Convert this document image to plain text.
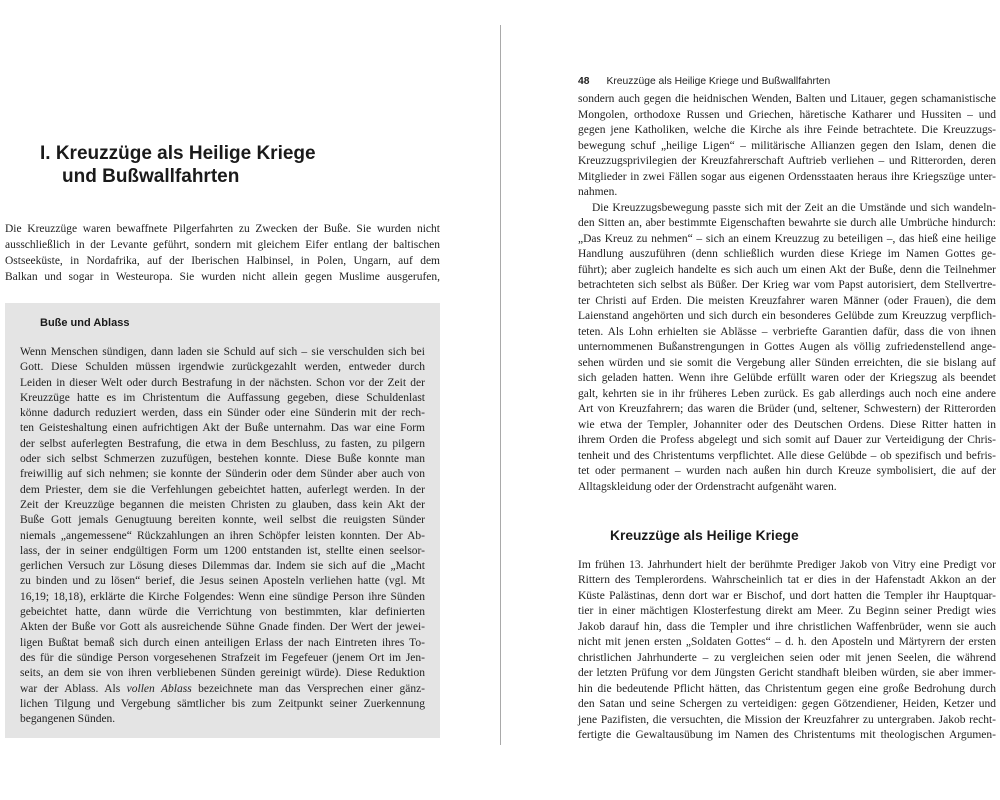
I. Kreuzzüge als Heilige Kriege
und Bußwallfahrten
Die Kreuzzüge waren bewaffnete Pilgerfahrten zu Zwecken der Buße. Sie wurden nicht
ausschließlich in der Levante geführt, sondern mit gleichem Eifer entlang der baltischen
Ostseeküste, in Nordafrika, auf der Iberischen Halbinsel, in Polen, Ungarn, auf dem
Balkan und sogar in Westeuropa. Sie wurden nicht allein gegen Muslime ausgerufen,
Buße und Ablass
Wenn Menschen sündigen, dann laden sie Schuld auf sich – sie verschulden sich bei
Gott. Diese Schulden müssen irgendwie zurückgezahlt werden, entweder durch
Leiden in dieser Welt oder durch Bestrafung in der nächsten. Schon vor der Zeit der
Kreuzzüge hatte es im Christentum die Auffassung gegeben, diese Schuldenlast
könne dadurch reduziert werden, dass ein Sünder oder eine Sünderin mit der rech-
ten Geisteshaltung einen aufrichtigen Akt der Buße unternahm. Das war eine Form
der selbst auferlegten Bestrafung, die etwa in dem Beschluss, zu fasten, zu pilgern
oder sich selbst Schmerzen zuzufügen, bestehen konnte. Diese Buße konnte man
freiwillig auf sich nehmen; sie konnte der Sünderin oder dem Sünder aber auch von
dem Priester, dem sie die Verfehlungen gebeichtet hatten, auferlegt werden. In der
Zeit der Kreuzzüge begannen die meisten Christen zu glauben, dass kein Akt der
Buße Gott jemals Genugtuung bereiten konnte, weil selbst die reuigsten Sünder
niemals „angemessene“ Rückzahlungen an ihren Schöpfer leisten konnten. Der Ab-
lass, der in seiner endgültigen Form um 1200 entstanden ist, stellte einen seelsor-
gerlichen Versuch zur Lösung dieses Dilemmas dar. Indem sie sich auf die „Macht
zu binden und zu lösen“ berief, die Jesus seinen Aposteln verliehen hatte (vgl. Mt
16,19; 18,18), erklärte die Kirche Folgendes: Wenn eine sündige Person ihre Sünden
gebeichtet hatte, dann würde die Verrichtung von bestimmten, klar definierten
Akten der Buße vor Gott als ausreichende Sühne Gnade finden. Der Wert der jewei-
ligen Bußtat bemaß sich durch einen anteiligen Erlass der nach Eintreten ihres To-
des für die sündige Person vorgesehenen Strafzeit im Fegefeuer (jenem Ort im Jen-
seits, an dem sie von ihren verbliebenen Sünden gereinigt würde). Diese Reduktion
war der Ablass. Als vollen Ablass bezeichnete man das Versprechen einer gänz-
lichen Tilgung und Vergebung sämtlicher bis zum Zeitpunkt seiner Zuerkennung
begangenen Sünden.
48 Kreuzzüge als Heilige Kriege und Bußwallfahrten
sondern auch gegen die heidnischen Wenden, Balten und Litauer, gegen schamanistische
Mongolen, orthodoxe Russen und Griechen, häretische Katharer und Hussiten – und
gegen jene Katholiken, welche die Kirche als ihre Feinde betrachtete. Die Kreuzzugs-
bewegung schuf „heilige Ligen“ – militärische Allianzen gegen den Islam, denen die
Kreuzzugsprivilegien der Kreuzfahrerschaft Auftrieb verliehen – und Ritterorden, deren
Mitglieder in zwei Fällen sogar aus eigenen Ordensstaaten heraus ihre Kriegszüge unter-
nahmen.
Die Kreuzzugsbewegung passte sich mit der Zeit an die Umstände und sich wandeln-
den Sitten an, aber bestimmte Eigenschaften bewahrte sie durch alle Umbrüche hindurch:
„Das Kreuz zu nehmen“ – sich an einem Kreuzzug zu beteiligen –, das hieß eine heilige
Handlung auszuführen (denn schließlich wurden diese Kriege im Namen Gottes ge-
führt); aber zugleich handelte es sich auch um einen Akt der Buße, denn die Teilnehmer
betrachteten sich selbst als Büßer. Der Krieg war vom Papst autorisiert, dem Stellvertre-
ter Christi auf Erden. Die meisten Kreuzfahrer waren Männer (oder Frauen), die dem
Laienstand angehörten und sich durch ein besonderes Gelübde zum Kreuzzug verpflich-
teten. Als Lohn erhielten sie Ablässe – verbriefte Garantien dafür, dass die von ihnen
unternommenen Bußanstrengungen in Gottes Augen als völlig zufriedenstellend ange-
sehen würden und sie somit die Vergebung aller Sünden erreichten, die sie bislang auf
sich geladen hatten. Wenn ihre Gelübde erfüllt waren oder der Kriegszug als beendet
galt, kehrten sie in ihr früheres Leben zurück. Es gab allerdings auch noch eine andere
Art von Kreuzfahrern; das waren die Brüder (und, seltener, Schwestern) der Ritterorden
wie etwa der Templer, Johanniter oder des Deutschen Ordens. Diese Ritter hatten in
ihrem Orden die Profess abgelegt und sich somit auf Dauer zur Verteidigung der Chris-
tenheit und des Christentums verpflichtet. Alle diese Gelübde – ob spezifisch und befris-
tet oder permanent – wurden nach außen hin durch Kreuze symbolisiert, die auf der
Alltagskleidung oder der Ordenstracht aufgenäht waren.
Kreuzzüge als Heilige Kriege
Im frühen 13. Jahrhundert hielt der berühmte Prediger Jakob von Vitry eine Predigt vor
Rittern des Templerordens. Wahrscheinlich tat er dies in der Hafenstadt Akkon an der
Küste Palästinas, denn dort war er Bischof, und dort hatten die Templer ihr Hauptquar-
tier in einer mächtigen Klosterfestung direkt am Meer. Zu Beginn seiner Predigt wies
Jakob darauf hin, dass die Templer und ihre christlichen Waffenbrüder, wenn sie auch
nicht mit jenen ersten „Soldaten Gottes“ – d. h. den Aposteln und Märtyrern der ersten
christlichen Jahrhunderte – zu vergleichen seien oder mit jenen Seelen, die während
der letzten Prüfung vor dem Jüngsten Gericht standhaft bleiben würden, sie aber immer-
hin die bedeutende Pflicht hätten, das Christentum gegen eine große Bedrohung durch
den Satan und seine Schergen zu verteidigen: gegen Götzendiener, Heiden, Ketzer und
jene Pazifisten, die versuchten, die Mission der Kreuzfahrer zu untergraben. Jakob recht-
fertigte die Gewaltausübung im Namen des Christentums mit theologischen Argumen-
